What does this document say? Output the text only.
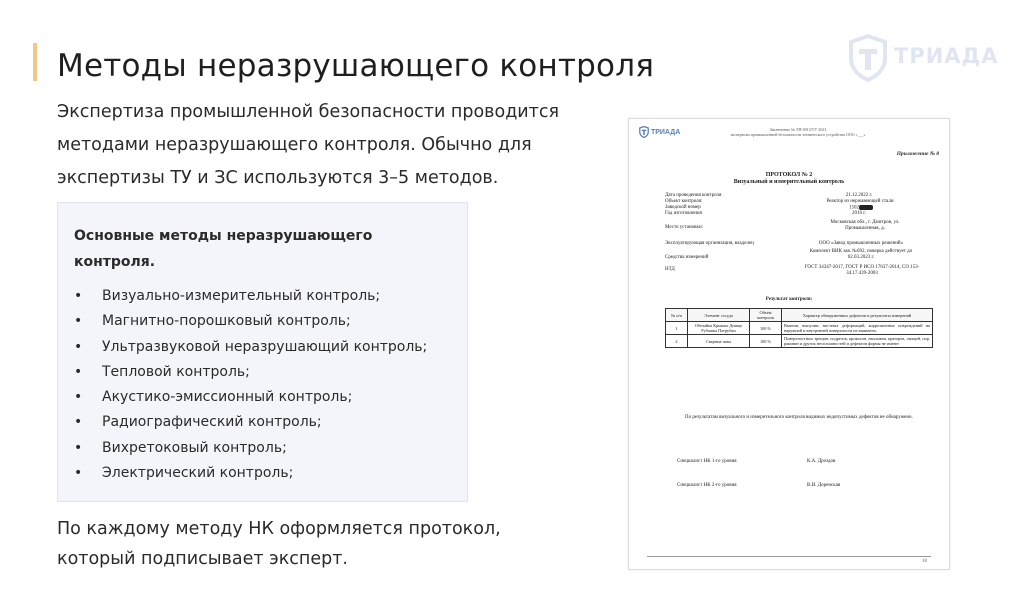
Методы неразрушающего контроля
Экспертиза промышленной безопасности проводится методами неразрушающего контроля. Обычно для экспертизы ТУ и ЗС используются 3–5 методов.
Основные методы неразрушающего контроля.
• Визуально-измерительный контроль;
• Магнитно-порошковый контроль;
• Ультразвуковой неразрушающий контроль;
• Тепловой контроль;
• Акустико-эмиссионный контроль;
• Радиографический контроль;
• Вихретоковый контроль;
• Электрический контроль;
По каждому методу НК оформляется протокол, который подписывает эксперт.
ТРИАДА
ТРИАДА	Заключение № ЭП-0013/ТУ-2023
экспертизы промышленной безопасности технического устройства ООО «___»
Приложение № 8
ПРОТОКОЛ № 2
Визуальный и измерительный контроль
Дата проведения контроля	21.12.2022 г.
Объект контроля:	Реактор из нержавеющей стали
Заводской номер	1502
Год изготовления	2016 г.
Место установки:
Московская обл., г. Дмитров, ул. Промышленная, д.
Эксплуатирующая организация, владелец	ООО «Завод промышленных решений»
Средства измерений
Комплект ВИК зав. №692, поверка действует до 02.03.2023 г.
НТД	ГОСТ 34347-2017, ГОСТ Р ИСО 17637-2014, СО 153-34.17.439-2003
Результат контроля:
№ п/п	Элемент сосуда	Объём контроля	Характер обнаруженных дефектов и результаты измерений
1	Обечайка Крышка Днище Рубашка Патрубки	100 %	Вмятин, выпучин, местных деформаций, коррозионных повреждений на наружной и внутренней поверхности не выявлено.
2	Сварные швы	100 %	Поверхностных трещин, подрезов, прожогов, наплывов, кратеров, свищей, пор, раковин и других несплошностей и дефектов формы не имеют
По результатам визуального и измерительного контроля видимых недопустимых дефектов не обнаружено.
Специалист НК 1-го уровня	К.А. Дроздов
Специалист НК 2-го уровня	В.И. Доренская
18
